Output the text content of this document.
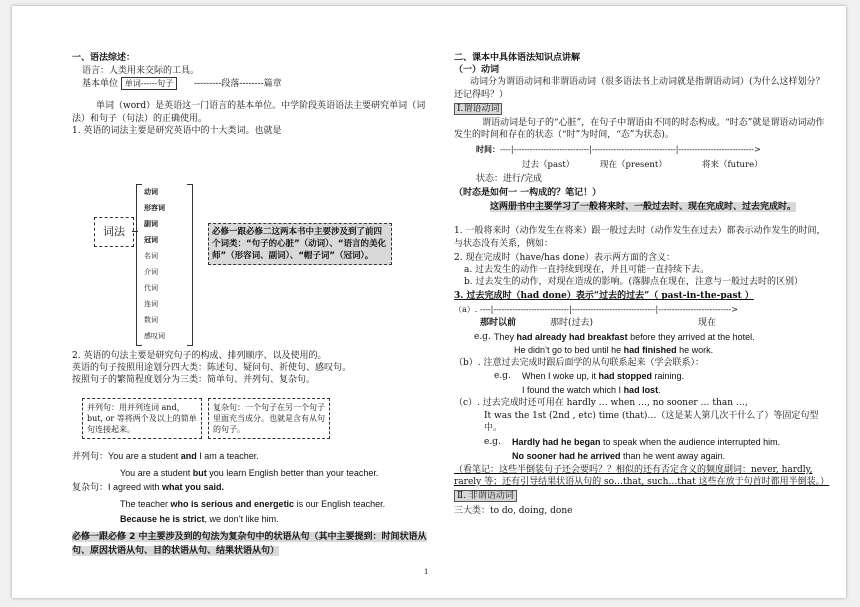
一、语法综述：
语言：人类用来交际的工具。
基本单位 单词------句子 ---------段落--------篇章
单词（word）是英语这一门语言的基本单位。中学阶段英语语法主要研究单词（词法）和句子（句法）的正确使用。
1. 英语的词法主要是研究英语中的十大类词。也就是
词法
动词
形容词
副词
冠词
名词
介词
代词
连词
数词
感叹词
必修一跟必修二这两本书中主要涉及到了前四个词类：“句子的心脏”（动词）、“语言的美化师”（形容词、副词）、“帽子词”（冠词）。
2. 英语的句法主要是研究句子的构成、排列顺序、以及使用的。
英语的句子按照用途划分四大类：陈述句、疑问句、祈使句、感叹句。
按照句子的繁简程度划分为三类：简单句、并列句、复杂句。
并列句：用并列连词 and，but, or 等将两个及以上的简单句连接起来。
复杂句：一个句子在另一个句子里面充当成分。也就是含有从句的句子。
并列句：You are a student and I am a teacher.
You are a student but you learn English better than your teacher.
复杂句：I agreed with what you said.
The teacher who is serious and energetic is our English teacher.
Because he is strict, we don’t like him.
必修一跟必修 2 中主要涉及到的句法为复杂句中的状语从句（其中主要提到：时间状语从句、原因状语从句、目的状语从句、结果状语从句）
二、课本中具体语法知识点讲解
（一）动词
动词分为谓语动词和非谓语动词（很多语法书上动词就是指谓语动词）(为什么这样划分？还记得吗？）
Ⅰ.谓语动词
谓语动词是句子的“心脏”，在句子中谓语由不同的时态构成。“时态”就是谓语动词动作发生的时间和存在的状态（“时”为时间，“态”为状态)。
时间：----|----------------------------|-------------------------------|---------------------------->
过去（past）	现在（present）	将来（future）

状态：进行/完成
（时态是如何一 一构成的？笔记！）
这两册书中主要学习了一般将来时、一般过去时、现在完成时、过去完成时。
1. 一般将来时（动作发生在将来）跟一般过去时（动作发生在过去）都表示动作发生的时间，与状态没有关系，例如：
2. 现在完成时（have/has done）表示两方面的含义：
a. 过去发生的动作一直持续到现在，并且可能一直持续下去。
b. 过去发生的动作，对现在造成的影响。(落脚点在现在，注意与一般过去时的区别）
3. 过去完成时（had done）表示“过去的过去”（ past-in-the-past ）
（a）. ----|----------------------------|-------------------------------|--------------------------->
那时以前	那时(过去)	现在
e.g. They had already had breakfast before they arrived at the hotel.
He didn’t go to bed until he had finished he work.
（b）. 注意过去完成时跟后面学的从句联系起来（学会联系）：
e.g. When I woke up, it had stopped raining.
I found the watch which I had lost.
（c）. 过去完成时还可用在 hardly … when …, no sooner … than …,
It was the 1st (2nd , etc) time (that)…（这是某人第几次干什么了）等固定句型中。
e.g. Hardly had he began to speak when the audience interrupted him.
No sooner had he arrived than he went away again.
（看笔记：这些半倒装句子还会要吗？？相似的还有否定含义的频度副词：never, hardly, rarely 等；还有引导结果状语从句的 so…that, such…that 这些在放于句首时都用半倒装。）
Ⅱ. 非谓语动词
三大类：to do, doing, done
1
